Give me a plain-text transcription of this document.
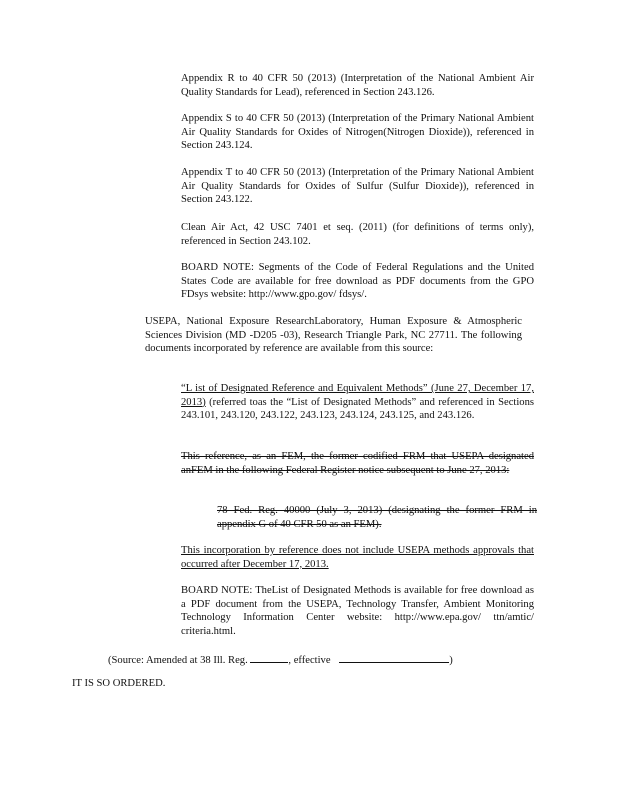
Appendix R to 40 CFR 50 (2013) (Interpretation of the National Ambient Air Quality Standards for Lead), referenced in Section 243.126.

Appendix S to 40 CFR 50 (2013) (Interpretation of the Primary National Ambient Air Quality Standards for Oxides of Nitrogen(Nitrogen Dioxide)), referenced in Section 243.124.

Appendix T to 40 CFR 50 (2013) (Interpretation of the Primary National Ambient Air Quality Standards for Oxides of Sulfur (Sulfur Dioxide)), referenced in Section 243.122.

Clean Air Act, 42 USC 7401 et seq. (2011) (for definitions of terms only), referenced in Section 243.102.

BOARD NOTE: Segments of the Code of Federal Regulations and the United States Code are available for free download as PDF documents from the GPO FDsys website: http://www.gpo.gov/ fdsys/.

USEPA, National Exposure ResearchLaboratory, Human Exposure & Atmospheric Sciences Division (MD -D205 -03), Research Triangle Park, NC 27711. The following documents incorporated by reference are available from this source:

“L ist of Designated Reference and Equivalent Methods” (June 27, December 17, 2013) (referred toas the “List of Designated Methods” and referenced in Sections 243.101, 243.120, 243.122, 243.123, 243.124, 243.125, and 243.126.

This reference, as an FEM, the former codified FRM that USEPA designated anFEM in the following Federal Register notice subsequent to June 27, 2013:

78 Fed. Reg. 40000 (July 3, 2013) (designating the former FRM in appendix G of 40 CFR 50 as an FEM).

This incorporation by reference does not include USEPA methods approvals that occurred after December 17, 2013.

BOARD NOTE: TheList of Designated Methods is available for free download as a PDF document from the USEPA, Technology Transfer, Ambient Monitoring Technology Information Center website: http://www.epa.gov/ ttn/amtic/ criteria.html.

(Source: Amended at 38 Ill. Reg.	, effective	)

IT IS SO ORDERED.
